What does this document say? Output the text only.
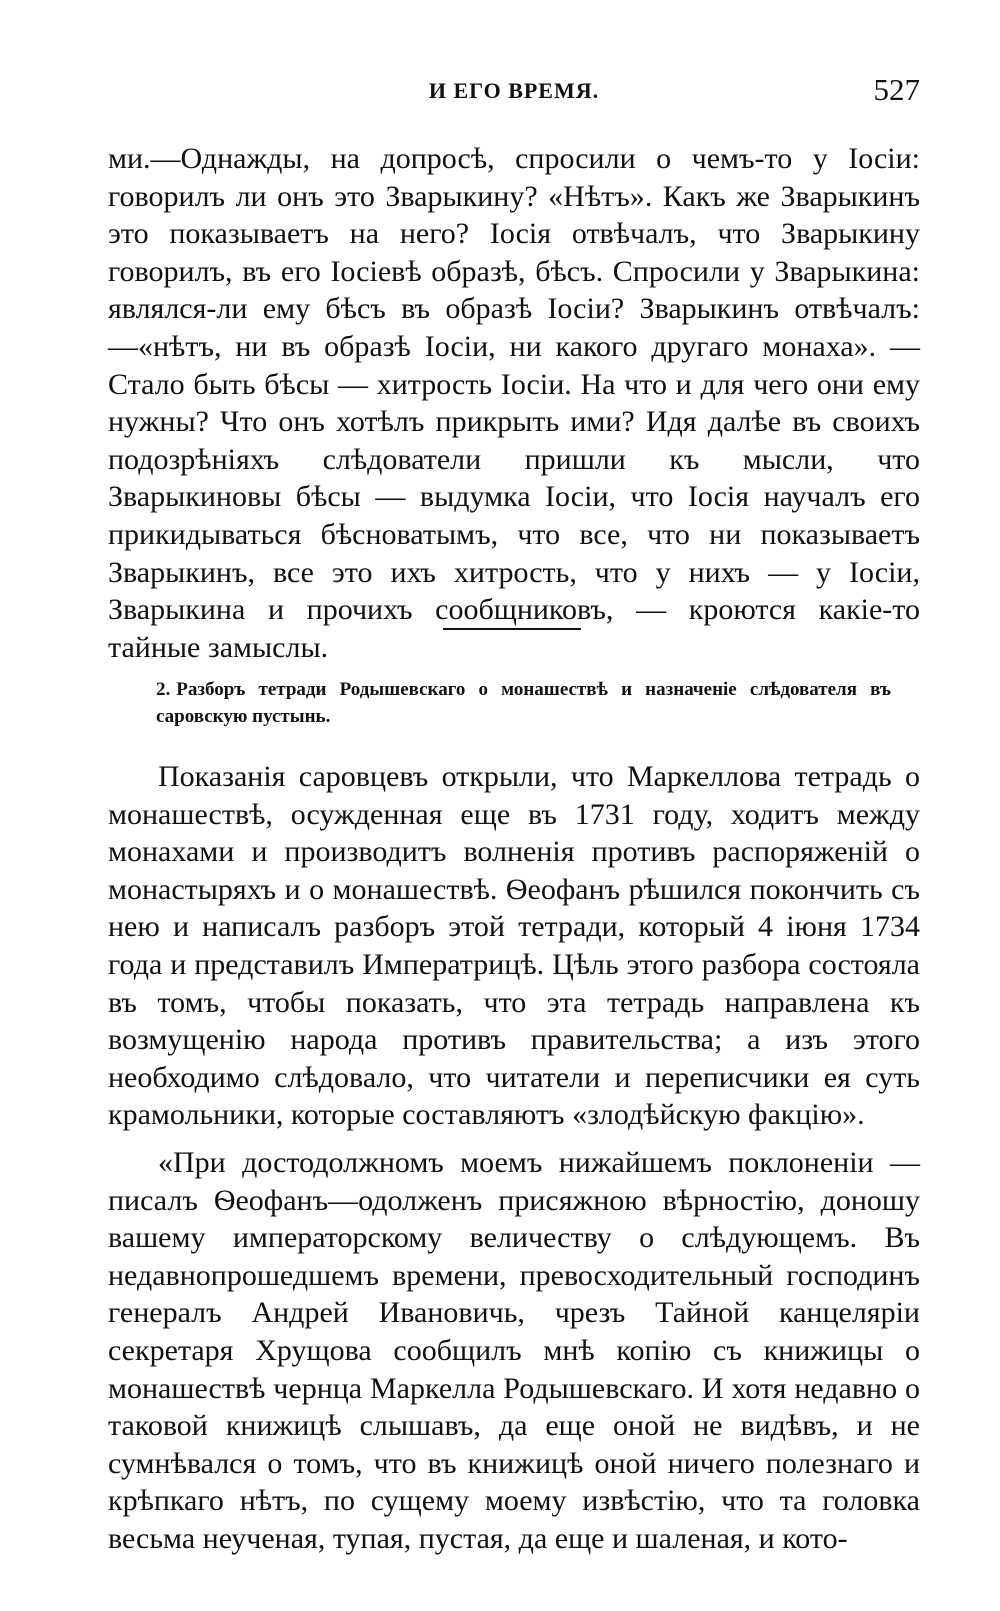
И ЕГО ВРЕМЯ.	527

ми.—Однажды, на допросѣ, спросили о чемъ-то у Іосіи: говорилъ ли онъ это Зварыкину? «Нѣтъ». Какъ же Зварыкинъ это показываетъ на него? Іосія отвѣчалъ, что Зварыкину говорилъ, въ его Іосіевѣ образѣ, бѣсъ. Спросили у Зварыкина: являлся-ли ему бѣсъ въ образѣ Іосіи? Зварыкинъ отвѣчалъ: —«нѣтъ, ни въ образѣ Іосіи, ни какого другаго монаха». — Стало быть бѣсы — хитрость Іосіи. На что и для чего они ему нужны? Что онъ хотѣлъ прикрыть ими? Идя далѣе въ своихъ подозрѣніяхъ слѣдователи пришли къ мысли, что Зварыкиновы бѣсы — выдумка Іосіи, что Іосія научалъ его прикидываться бѣсноватымъ, что все, что ни показываетъ Зварыкинъ, все это ихъ хитрость, что у нихъ — у Іосіи, Зварыкина и прочихъ сообщниковъ, — кроются какіе-то тайные замыслы.

2. Разборъ тетради Родышевскаго о монашествѣ и назначеніе слѣдователя въ саровскую пустынь.

Показанія саровцевъ открыли, что Маркеллова тетрадь о монашествѣ, осужденная еще въ 1731 году, ходитъ между монахами и производитъ волненія противъ распоряженій о монастыряхъ и о монашествѣ. Ѳеофанъ рѣшился покончить съ нею и написалъ разборъ этой тетради, который 4 іюня 1734 года и представилъ Императрицѣ. Цѣль этого разбора состояла въ томъ, чтобы показать, что эта тетрадь направлена къ возмущенію народа противъ правительства; а изъ этого необходимо слѣдовало, что читатели и переписчики ея суть крамольники, которые составляютъ «злодѣйскую факцію».

«При достодолжномъ моемъ нижайшемъ поклоненіи — писалъ Ѳеофанъ—одолженъ присяжною вѣрностію, доношу вашему императорскому величеству о слѣдующемъ. Въ недавнопрошедшемъ времени, превосходительный господинъ генералъ Андрей Ивановичь, чрезъ Тайной канцеляріи секретаря Хрущова сообщилъ мнѣ копію съ книжицы о монашествѣ чернца Маркелла Родышевскаго. И хотя недавно о таковой книжицѣ слышавъ, да еще оной не видѣвъ, и не сумнѣвался о томъ, что въ книжицѣ оной ничего полезнаго и крѣпкаго нѣтъ, по сущему моему извѣстію, что та головка весьма неученая, тупая, пустая, да еще и шаленая, и кото-
